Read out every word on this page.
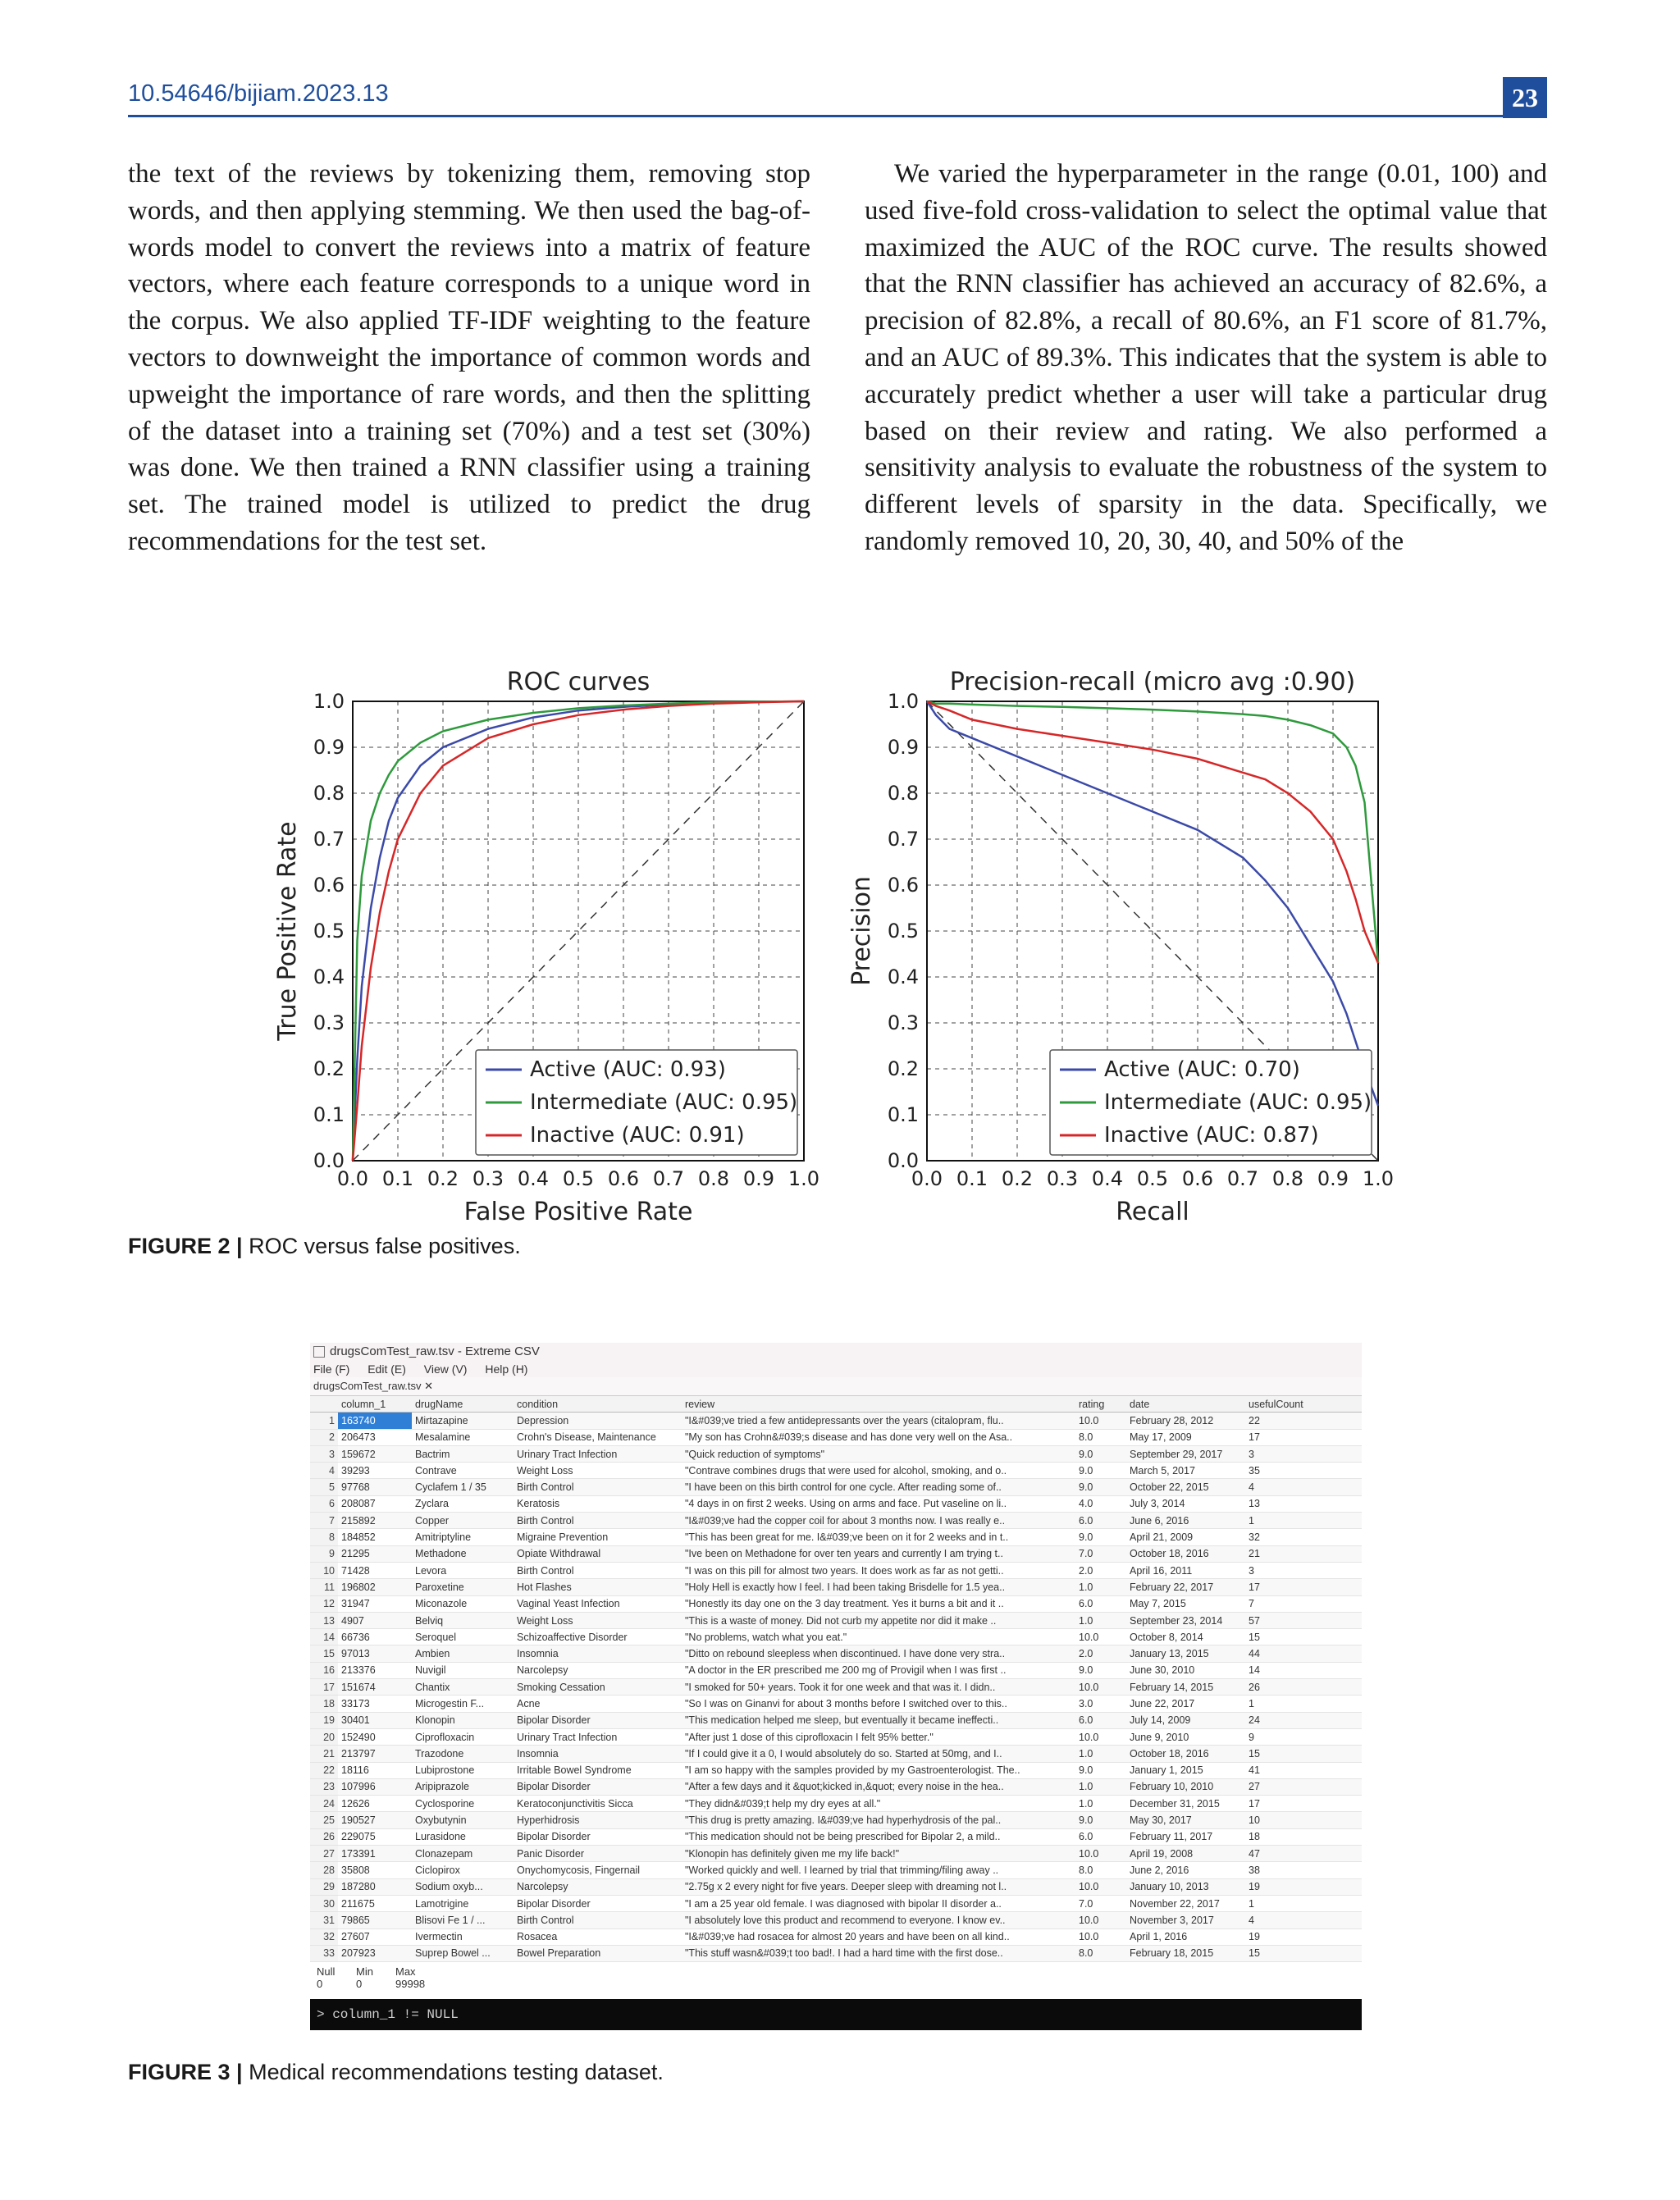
10.54646/bijiam.2023.13	23
the text of the reviews by tokenizing them, removing stop words, and then applying stemming. We then used the bag-of-words model to convert the reviews into a matrix of feature vectors, where each feature corresponds to a unique word in the corpus. We also applied TF-IDF weighting to the feature vectors to downweight the importance of common words and upweight the importance of rare words, and then the splitting of the dataset into a training set (70%) and a test set (30%) was done. We then trained a RNN classifier using a training set. The trained model is utilized to predict the drug recommendations for the test set.
We varied the hyperparameter in the range (0.01, 100) and used five-fold cross-validation to select the optimal value that maximized the AUC of the ROC curve. The results showed that the RNN classifier has achieved an accuracy of 82.6%, a precision of 82.8%, a recall of 80.6%, an F1 score of 81.7%, and an AUC of 89.3%. This indicates that the system is able to accurately predict whether a user will take a particular drug based on their review and rating. We also performed a sensitivity analysis to evaluate the robustness of the system to different levels of sparsity in the data. Specifically, we randomly removed 10, 20, 30, 40, and 50% of the
ROC curves
0.0
0.0
0.1
0.1
0.2
0.2
0.3
0.3
0.4
0.4
0.5
0.5
0.6
0.6
0.7
0.7
0.8
0.8
0.9
0.9
1.0
1.0
False Positive Rate
True Positive Rate
Active (AUC: 0.93)
Intermediate (AUC: 0.95)
Inactive (AUC: 0.91)
Precision-recall (micro avg :0.90)
0.0
0.0
0.1
0.1
0.2
0.2
0.3
0.3
0.4
0.4
0.5
0.5
0.6
0.6
0.7
0.7
0.8
0.8
0.9
0.9
1.0
1.0
Recall
Precision
Active (AUC: 0.70)
Intermediate (AUC: 0.95)
Inactive (AUC: 0.87)
FIGURE 2 | ROC versus false positives.
drugsComTest_raw.tsv - Extreme CSV
File (F) Edit (E) View (V) Help (H)
drugsComTest_raw.tsv ✕
	column_1	drugName	condition	review	rating	date	usefulCount
1	163740	Mirtazapine	Depression	"I&#039;ve tried a few antidepressants over the years (citalopram, flu..	10.0	February 28, 2012	22
2	206473	Mesalamine	Crohn's Disease, Maintenance	"My son has Crohn&#039;s disease and has done very well on the Asa..	8.0	May 17, 2009	17
3	159672	Bactrim	Urinary Tract Infection	"Quick reduction of symptoms"	9.0	September 29, 2017	3
4	39293	Contrave	Weight Loss	"Contrave combines drugs that were used for alcohol, smoking, and o..	9.0	March 5, 2017	35
5	97768	Cyclafem 1 / 35	Birth Control	"I have been on this birth control for one cycle. After reading some of..	9.0	October 22, 2015	4
6	208087	Zyclara	Keratosis	"4 days in on first 2 weeks. Using on arms and face. Put vaseline on li..	4.0	July 3, 2014	13
7	215892	Copper	Birth Control	"I&#039;ve had the copper coil for about 3 months now. I was really e..	6.0	June 6, 2016	1
8	184852	Amitriptyline	Migraine Prevention	"This has been great for me. I&#039;ve been on it for 2 weeks and in t..	9.0	April 21, 2009	32
9	21295	Methadone	Opiate Withdrawal	"Ive been on Methadone for over ten years and currently I am trying t..	7.0	October 18, 2016	21
10	71428	Levora	Birth Control	"I was on this pill for almost two years. It does work as far as not getti..	2.0	April 16, 2011	3
11	196802	Paroxetine	Hot Flashes	"Holy Hell is exactly how I feel. I had been taking Brisdelle for 1.5 yea..	1.0	February 22, 2017	17
12	31947	Miconazole	Vaginal Yeast Infection	"Honestly its day one on the 3 day treatment. Yes it burns a bit and it ..	6.0	May 7, 2015	7
13	4907	Belviq	Weight Loss	"This is a waste of money. Did not curb my appetite nor did it make ..	1.0	September 23, 2014	57
14	66736	Seroquel	Schizoaffective Disorder	"No problems, watch what you eat."	10.0	October 8, 2014	15
15	97013	Ambien	Insomnia	"Ditto on rebound sleepless when discontinued. I have done very stra..	2.0	January 13, 2015	44
16	213376	Nuvigil	Narcolepsy	"A doctor in the ER prescribed me 200 mg of Provigil when I was first ..	9.0	June 30, 2010	14
17	151674	Chantix	Smoking Cessation	"I smoked for 50+ years. Took it for one week and that was it. I didn..	10.0	February 14, 2015	26
18	33173	Microgestin F...	Acne	"So I was on Ginanvi for about 3 months before I switched over to this..	3.0	June 22, 2017	1
19	30401	Klonopin	Bipolar Disorder	"This medication helped me sleep, but eventually it became ineffecti..	6.0	July 14, 2009	24
20	152490	Ciprofloxacin	Urinary Tract Infection	"After just 1 dose of this ciprofloxacin I felt 95% better."	10.0	June 9, 2010	9
21	213797	Trazodone	Insomnia	"If I could give it a 0, I would absolutely do so. Started at 50mg, and I..	1.0	October 18, 2016	15
22	18116	Lubiprostone	Irritable Bowel Syndrome	"I am so happy with the samples provided by my Gastroenterologist. The..	9.0	January 1, 2015	41
23	107996	Aripiprazole	Bipolar Disorder	"After a few days and it &quot;kicked in,&quot; every noise in the hea..	1.0	February 10, 2010	27
24	12626	Cyclosporine	Keratoconjunctivitis Sicca	"They didn&#039;t help my dry eyes at all."	1.0	December 31, 2015	17
25	190527	Oxybutynin	Hyperhidrosis	"This drug is pretty amazing. I&#039;ve had hyperhydrosis of the pal..	9.0	May 30, 2017	10
26	229075	Lurasidone	Bipolar Disorder	"This medication should not be being prescribed for Bipolar 2, a mild..	6.0	February 11, 2017	18
27	173391	Clonazepam	Panic Disorder	"Klonopin has definitely given me my life back!"	10.0	April 19, 2008	47
28	35808	Ciclopirox	Onychomycosis, Fingernail	"Worked quickly and well. I learned by trial that trimming/filing away ..	8.0	June 2, 2016	38
29	187280	Sodium oxyb...	Narcolepsy	"2.75g x 2 every night for five years. Deeper sleep with dreaming not l..	10.0	January 10, 2013	19
30	211675	Lamotrigine	Bipolar Disorder	"I am a 25 year old female. I was diagnosed with bipolar II disorder a..	7.0	November 22, 2017	1
31	79865	Blisovi Fe 1 / ...	Birth Control	"I absolutely love this product and recommend to everyone. I know ev..	10.0	November 3, 2017	4
32	27607	Ivermectin	Rosacea	"I&#039;ve had rosacea for almost 20 years and have been on all kind..	10.0	April 1, 2016	19
33	207923	Suprep Bowel ...	Bowel Preparation	"This stuff wasn&#039;t too bad!. I had a hard time with the first dose..	8.0	February 18, 2015	15
Null Min Max
0	0	99998
> column_1 != NULL
FIGURE 3 | Medical recommendations testing dataset.
